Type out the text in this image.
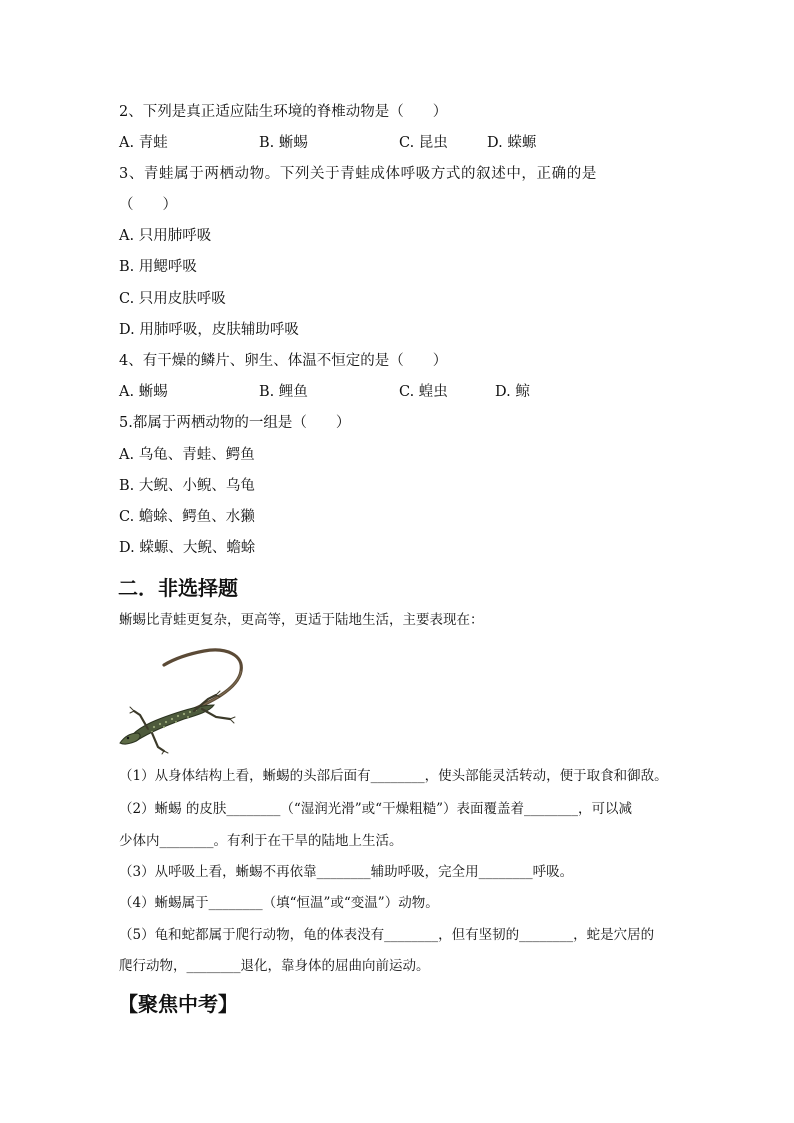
2、下列是真正适应陆生环境的脊椎动物是（　　）
A. 青蛙	B. 蜥蜴	C. 昆虫	D. 蝾螈
3、青蛙属于两栖动物。下列关于青蛙成体呼吸方式的叙述中，正确的是
（　　）
A. 只用肺呼吸
B. 用鳃呼吸
C. 只用皮肤呼吸
D. 用肺呼吸，皮肤辅助呼吸
4、有干燥的鳞片、卵生、体温不恒定的是（　　）
A. 蜥蜴	B. 鲤鱼	C. 蝗虫	D. 鲸
5.都属于两栖动物的一组是（　　）
A. 乌龟、青蛙、鳄鱼
B. 大鲵、小鲵、乌龟
C. 蟾蜍、鳄鱼、水獭
D. 蝾螈、大鲵、蟾蜍
二．非选择题
蜥蜴比青蛙更复杂，更高等，更适于陆地生活，主要表现在：
（1）从身体结构上看，蜥蜴的头部后面有________，使头部能灵活转动，便于取食和御敌。
（2）蜥蜴 的皮肤________（“湿润光滑”或“干燥粗糙”）表面覆盖着________，可以减
少体内________。有利于在干旱的陆地上生活。
（3）从呼吸上看，蜥蜴不再依靠________辅助呼吸，完全用________呼吸。
（4）蜥蜴属于________（填“恒温”或“变温”）动物。
（5）龟和蛇都属于爬行动物，龟的体表没有________，但有坚韧的________，蛇是穴居的
爬行动物，________退化，靠身体的屈曲向前运动。
【聚焦中考】
